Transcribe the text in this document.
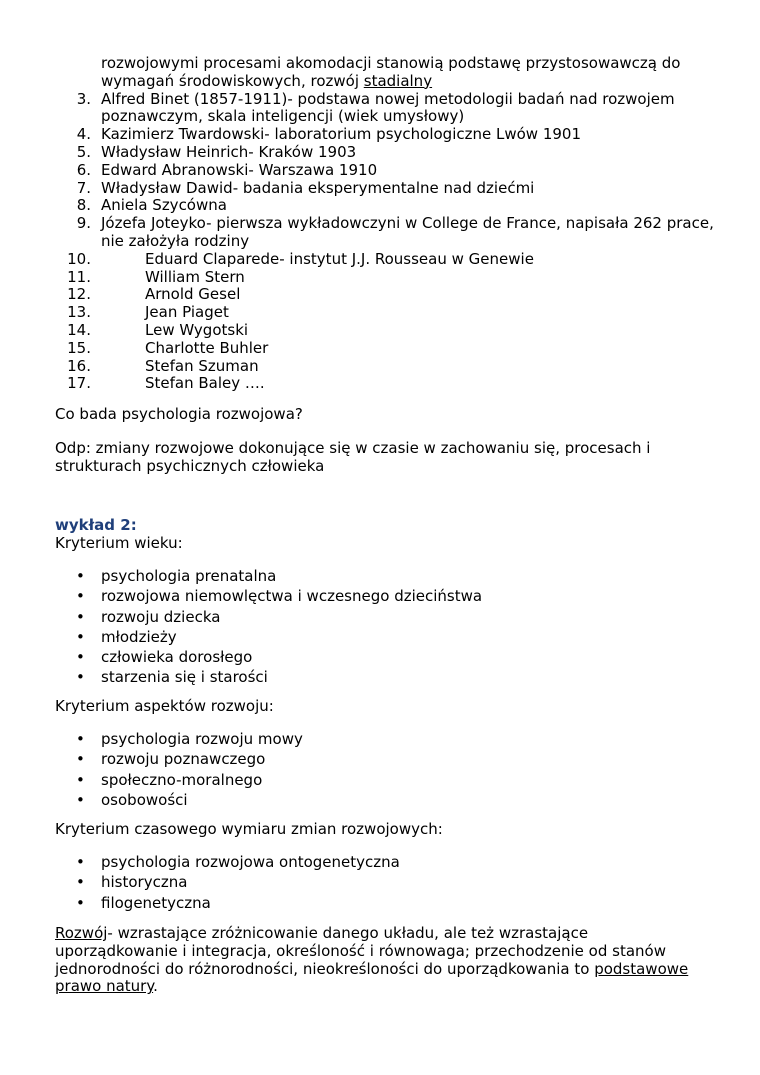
rozwojowymi procesami akomodacji stanowią podstawę przystosowawczą do
wymagań środowiskowych, rozwój stadialny
3. Alfred Binet (1857-1911)- podstawa nowej metodologii badań nad rozwojem poznawczym, skala inteligencji (wiek umysłowy)
4. Kazimierz Twardowski- laboratorium psychologiczne Lwów 1901
5. Władysław Heinrich- Kraków 1903
6. Edward Abranowski- Warszawa 1910
7. Władysław Dawid- badania eksperymentalne nad dziećmi
8. Aniela Szycówna
9. Józefa Joteyko- pierwsza wykładowczyni w College de France, napisała 262 prace, nie założyła rodziny
10.	Eduard Claparede- instytut J.J. Rousseau w Genewie
11.	William Stern
12.	Arnold Gesel
13.	Jean Piaget
14.	Lew Wygotski
15.	Charlotte Buhler
16.	Stefan Szuman
17.	Stefan Baley ….
Co bada psychologia rozwojowa?
Odp: zmiany rozwojowe dokonujące się w czasie w zachowaniu się, procesach i strukturach psychicznych człowieka
wykład 2:
Kryterium wieku:
• psychologia prenatalna
• rozwojowa niemowlęctwa i wczesnego dzieciństwa
• rozwoju dziecka
• młodzieży
• człowieka dorosłego
• starzenia się i starości
Kryterium aspektów rozwoju:
• psychologia rozwoju mowy
• rozwoju poznawczego
• społeczno-moralnego
• osobowości
Kryterium czasowego wymiaru zmian rozwojowych:
• psychologia rozwojowa ontogenetyczna
• historyczna
• filogenetyczna
Rozwój- wzrastające zróżnicowanie danego układu, ale też wzrastające uporządkowanie i integracja, określoność i równowaga; przechodzenie od stanów jednorodności do różnorodności, nieokreśloności do uporządkowania to podstawowe prawo natury.
